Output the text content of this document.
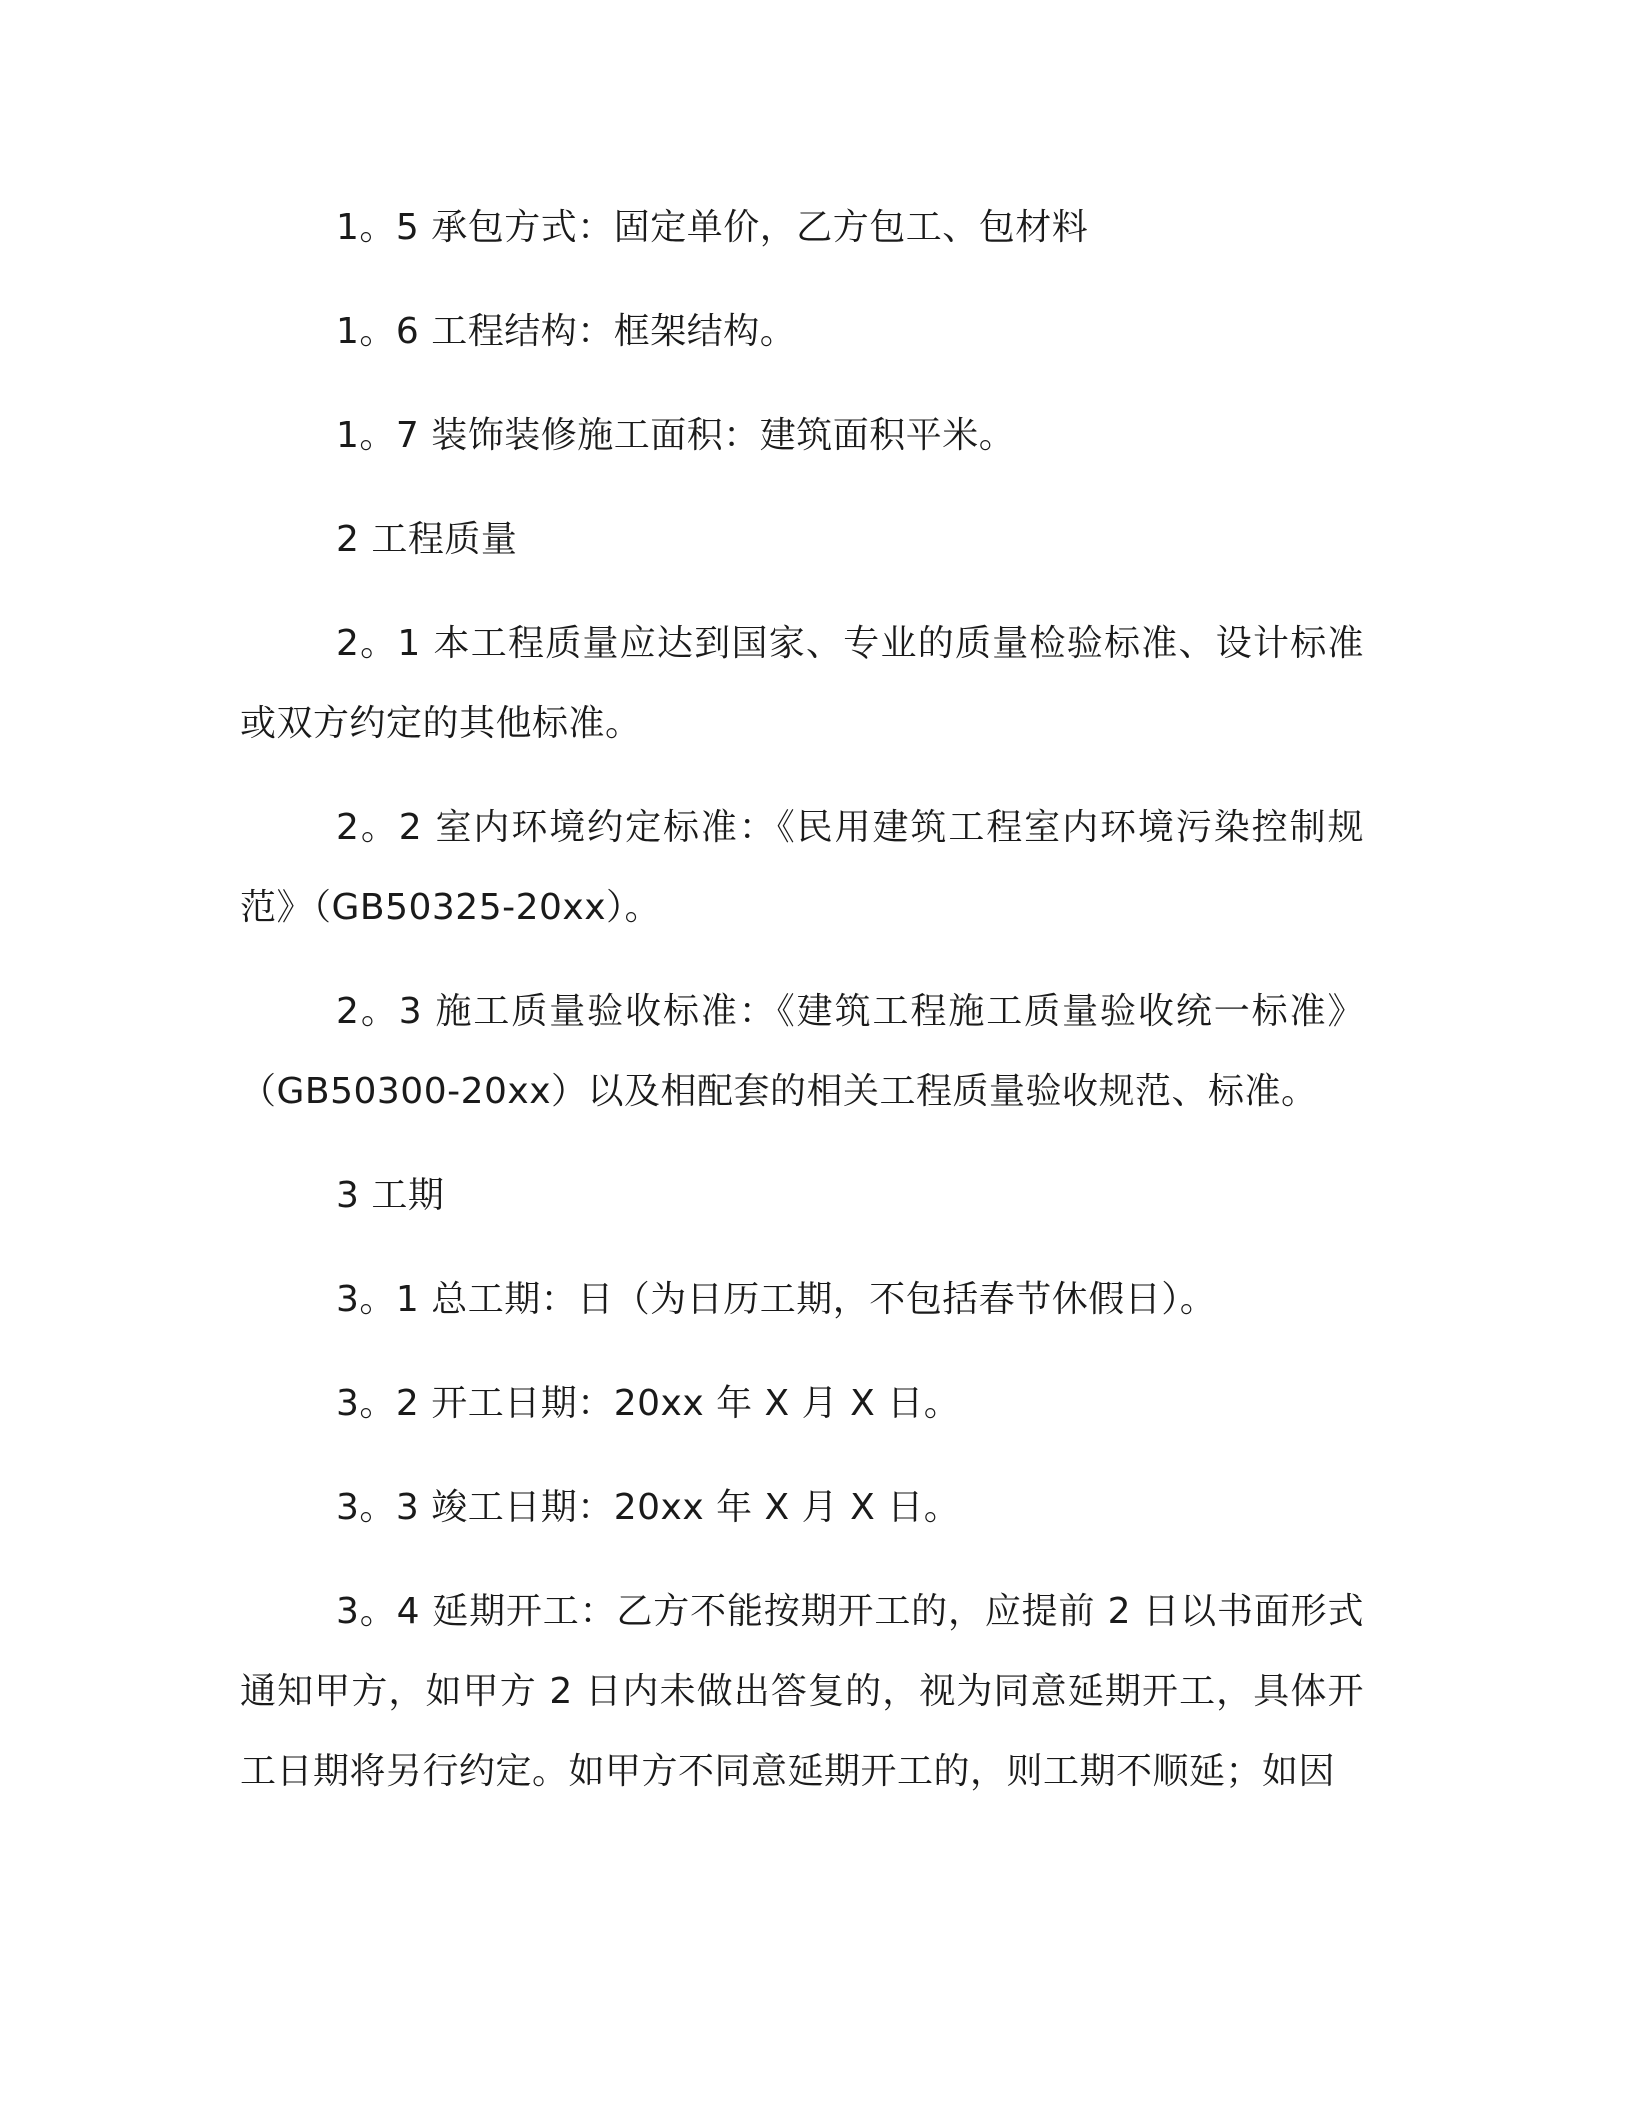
1。5 承包方式：固定单价，乙方包工、包材料

1。6 工程结构：框架结构。

1。7 装饰装修施工面积：建筑面积平米。

2 工程质量

2。1 本工程质量应达到国家、专业的质量检验标准、设计标准或双方约定的其他标准。

2。2 室内环境约定标准：《民用建筑工程室内环境污染控制规范》（GB50325-20xx）。

2。3 施工质量验收标准：《建筑工程施工质量验收统一标准》（GB50300-20xx）以及相配套的相关工程质量验收规范、标准。

3 工期

3。1 总工期：日（为日历工期，不包括春节休假日）。

3。2 开工日期：20xx 年 X 月 X 日。

3。3 竣工日期：20xx 年 X 月 X 日。

3。4 延期开工：乙方不能按期开工的，应提前 2 日以书面形式通知甲方，如甲方 2 日内未做出答复的，视为同意延期开工，具体开工日期将另行约定。如甲方不同意延期开工的，则工期不顺延；如因
